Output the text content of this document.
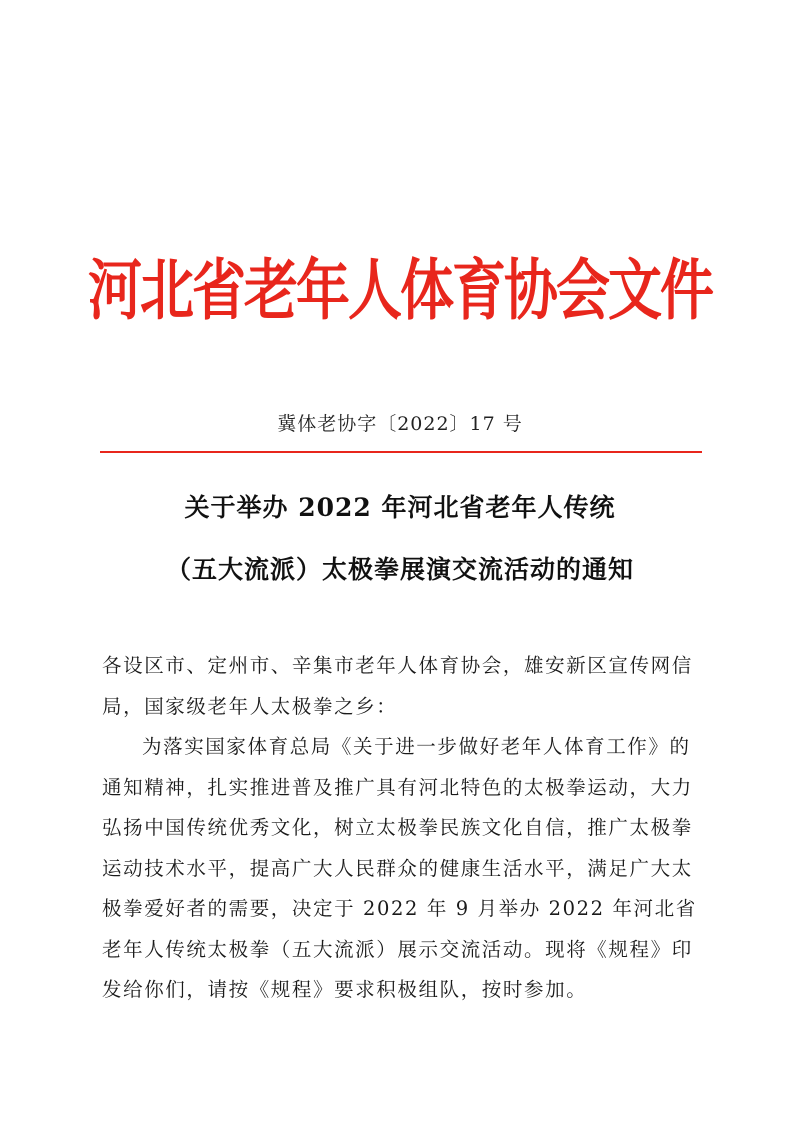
河北省老年人体育协会文件
冀体老协字〔2022〕17 号
关于举办 2022 年河北省老年人传统
（五大流派）太极拳展演交流活动的通知
各设区市、定州市、辛集市老年人体育协会，雄安新区宣传网信局，国家级老年人太极拳之乡：
为落实国家体育总局《关于进一步做好老年人体育工作》的通知精神，扎实推进普及推广具有河北特色的太极拳运动，大力弘扬中国传统优秀文化，树立太极拳民族文化自信，推广太极拳运动技术水平，提高广大人民群众的健康生活水平，满足广大太极拳爱好者的需要，决定于 2022 年 9 月举办 2022 年河北省老年人传统太极拳（五大流派）展示交流活动。现将《规程》印发给你们，请按《规程》要求积极组队，按时参加。
